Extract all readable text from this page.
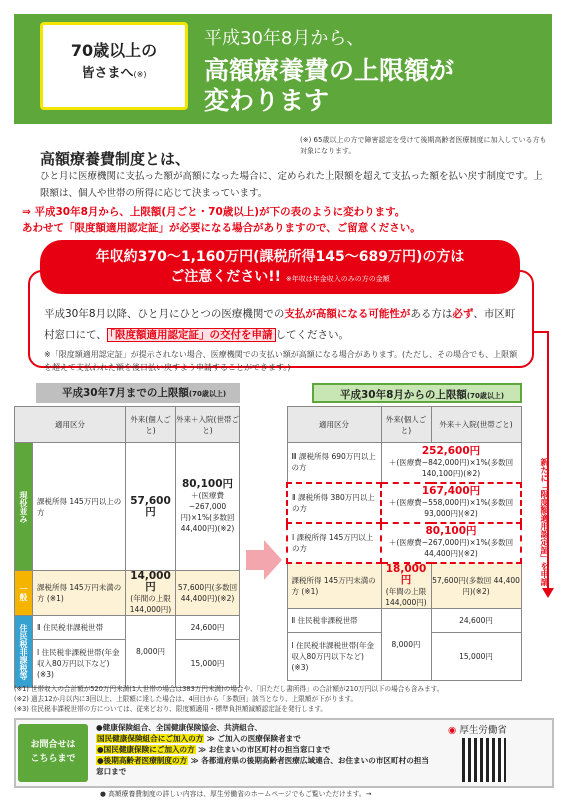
70歳以上の
皆さまへ(※)
平成30年8月から、
高額療養費の上限額が
変わります
(※) 65歳以上の方で障害認定を受けて後期高齢者医療制度に加入している方も対象になります。
高額療養費制度とは、
ひと月に医療機関に支払った額が高額になった場合に、定められた上限額を超えて支払った額を払い戻す制度です。上限額は、個人や世帯の所得に応じて決まっています。
⇒ 平成30年8月から、上限額(月ごと・70歳以上)が下の表のように変わります。
あわせて「限度額適用認定証」が必要になる場合がありますので、ご留意ください。
平成30年8月以降、ひと月にひとつの医療機関での支払が高額になる可能性がある方は必ず、市区町村窓口にて、 「限度額適用認定証」の交付を申請 してください。
※「限度額適用認定証」が提示されない場合、医療機関での支払い額が高額になる場合があります。(ただし、その場合でも、上限額を超えて支払われた額を後日払い戻すよう申請することができます。)
年収約370〜1,160万円(課税所得145〜689万円)の方は
ご注意ください!! ※年収は年金収入のみの方の金額
平成30年7月までの上限額(70歳以上)
適用区分		外来(個人ごと)	外来＋入院(世帯ごと)
現役並み	課税所得 145万円以上の方	57,600円	80,100円
＋(医療費−267,000円)×1%(多数回 44,400円)(※2)

一般	課税所得 145万円未満の方 (※1)	14,000円
(年間の上限 144,000円)	57,600円(多数回 44,400円)(※2)
住民税非課税等	Ⅱ 住民税非課税世帯	8,000円	24,600円
	Ⅰ 住民税非課税世帯(年金収入80万円以下など)(※3)		15,000円
平成30年8月からの上限額(70歳以上)
適用区分	外来(個人ごと)	外来＋入院(世帯ごと)
Ⅲ 課税所得 690万円以上の方	252,600円
＋(医療費−842,000円)×1%(多数回 140,100円)(※2)	

Ⅱ 課税所得 380万円以上の方	167,400円
＋(医療費−558,000円)×1%(多数回 93,000円)(※2)	

Ⅰ 課税所得 145万円以上の方	80,100円
＋(医療費−267,000円)×1%(多数回 44,400円)(※2)	

課税所得 145万円未満の方 (※1)	18,000円
(年間の上限 144,000円)	57,600円(多数回 44,400円)(※2)
Ⅱ 住民税非課税世帯	8,000円	24,600円
Ⅰ 住民税非課税世帯(年金収入80万円以下など)(※3)		15,000円
新たに「限度額適用認定証」を申請
(※1) 世帯収入の合計額が520万円未満(1人世帯の場合は383万円未満)の場合や、「旧ただし書所得」の合計額が210万円以下の場合も含みます。
(※2) 過去12か月以内に3回以上、上限額に達した場合は、4回目から「多数回」該当となり、上限額が下がります。
(※3) 住民税非課税世帯の方については、従来どおり、限度額適用・標準負担額減額認定証を発行します。
お問合せは
こちらまで
●健康保険組合、全国健康保険協会、共済組合、
国民健康保険組合にご加入の方 ≫ ご加入の医療保険者まで
●国民健康保険にご加入の方 ≫ お住まいの市区町村の担当窓口まで
●後期高齢者医療制度の方 ≫ 各都道府県の後期高齢者医療広域連合、お住まいの市区町村の担当窓口まで
◉ 厚生労働省
● 高額療養費制度の詳しい内容は、厚生労働省のホームページでもご覧いただけます。→
